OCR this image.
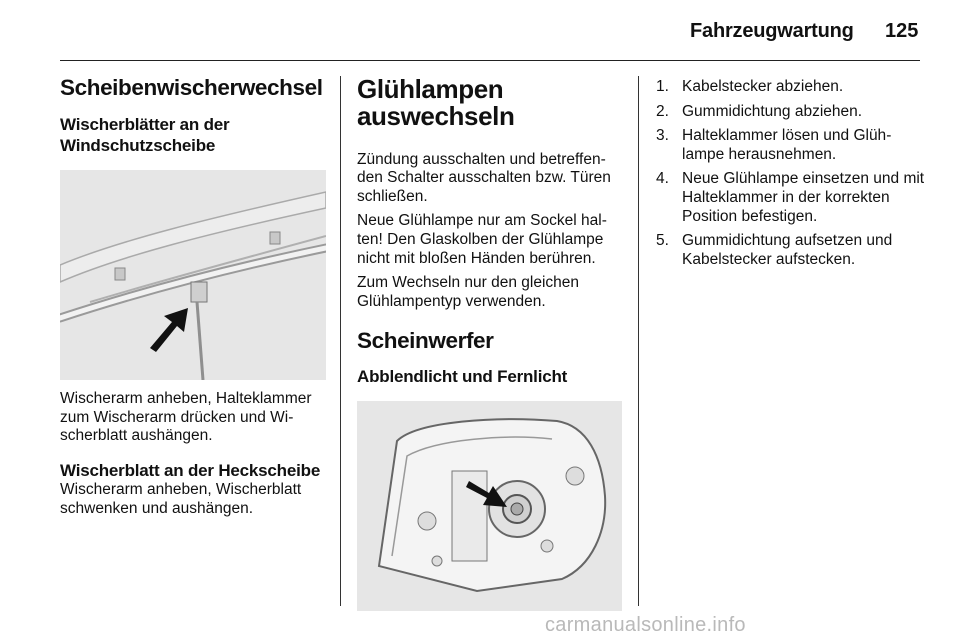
Fahrzeugwartung 125
Scheibenwischerwechsel
Wischerblätter an der Windschutzscheibe

Wischerarm anheben, Halteklammer zum Wischerarm drücken und Wischerblatt aushängen.

Wischerblatt an der Heckscheibe

Wischerarm anheben, Wischerblatt schwenken und aushängen.

Glühlampen auswechseln

Zündung ausschalten und betreffenden Schalter ausschalten bzw. Türen schließen.

Neue Glühlampe nur am Sockel halten! Den Glaskolben der Glühlampe nicht mit bloßen Händen berühren.

Zum Wechseln nur den gleichen Glühlampentyp verwenden.

Scheinwerfer
Abblendlicht und Fernlicht
1. Kabelstecker abziehen.
2. Gummidichtung abziehen.
3. Halteklammer lösen und Glühlampe herausnehmen.
4. Neue Glühlampe einsetzen und mit Halteklammer in der korrekten Position befestigen.
5. Gummidichtung aufsetzen und Kabelstecker aufstecken.
carmanualsonline.info
